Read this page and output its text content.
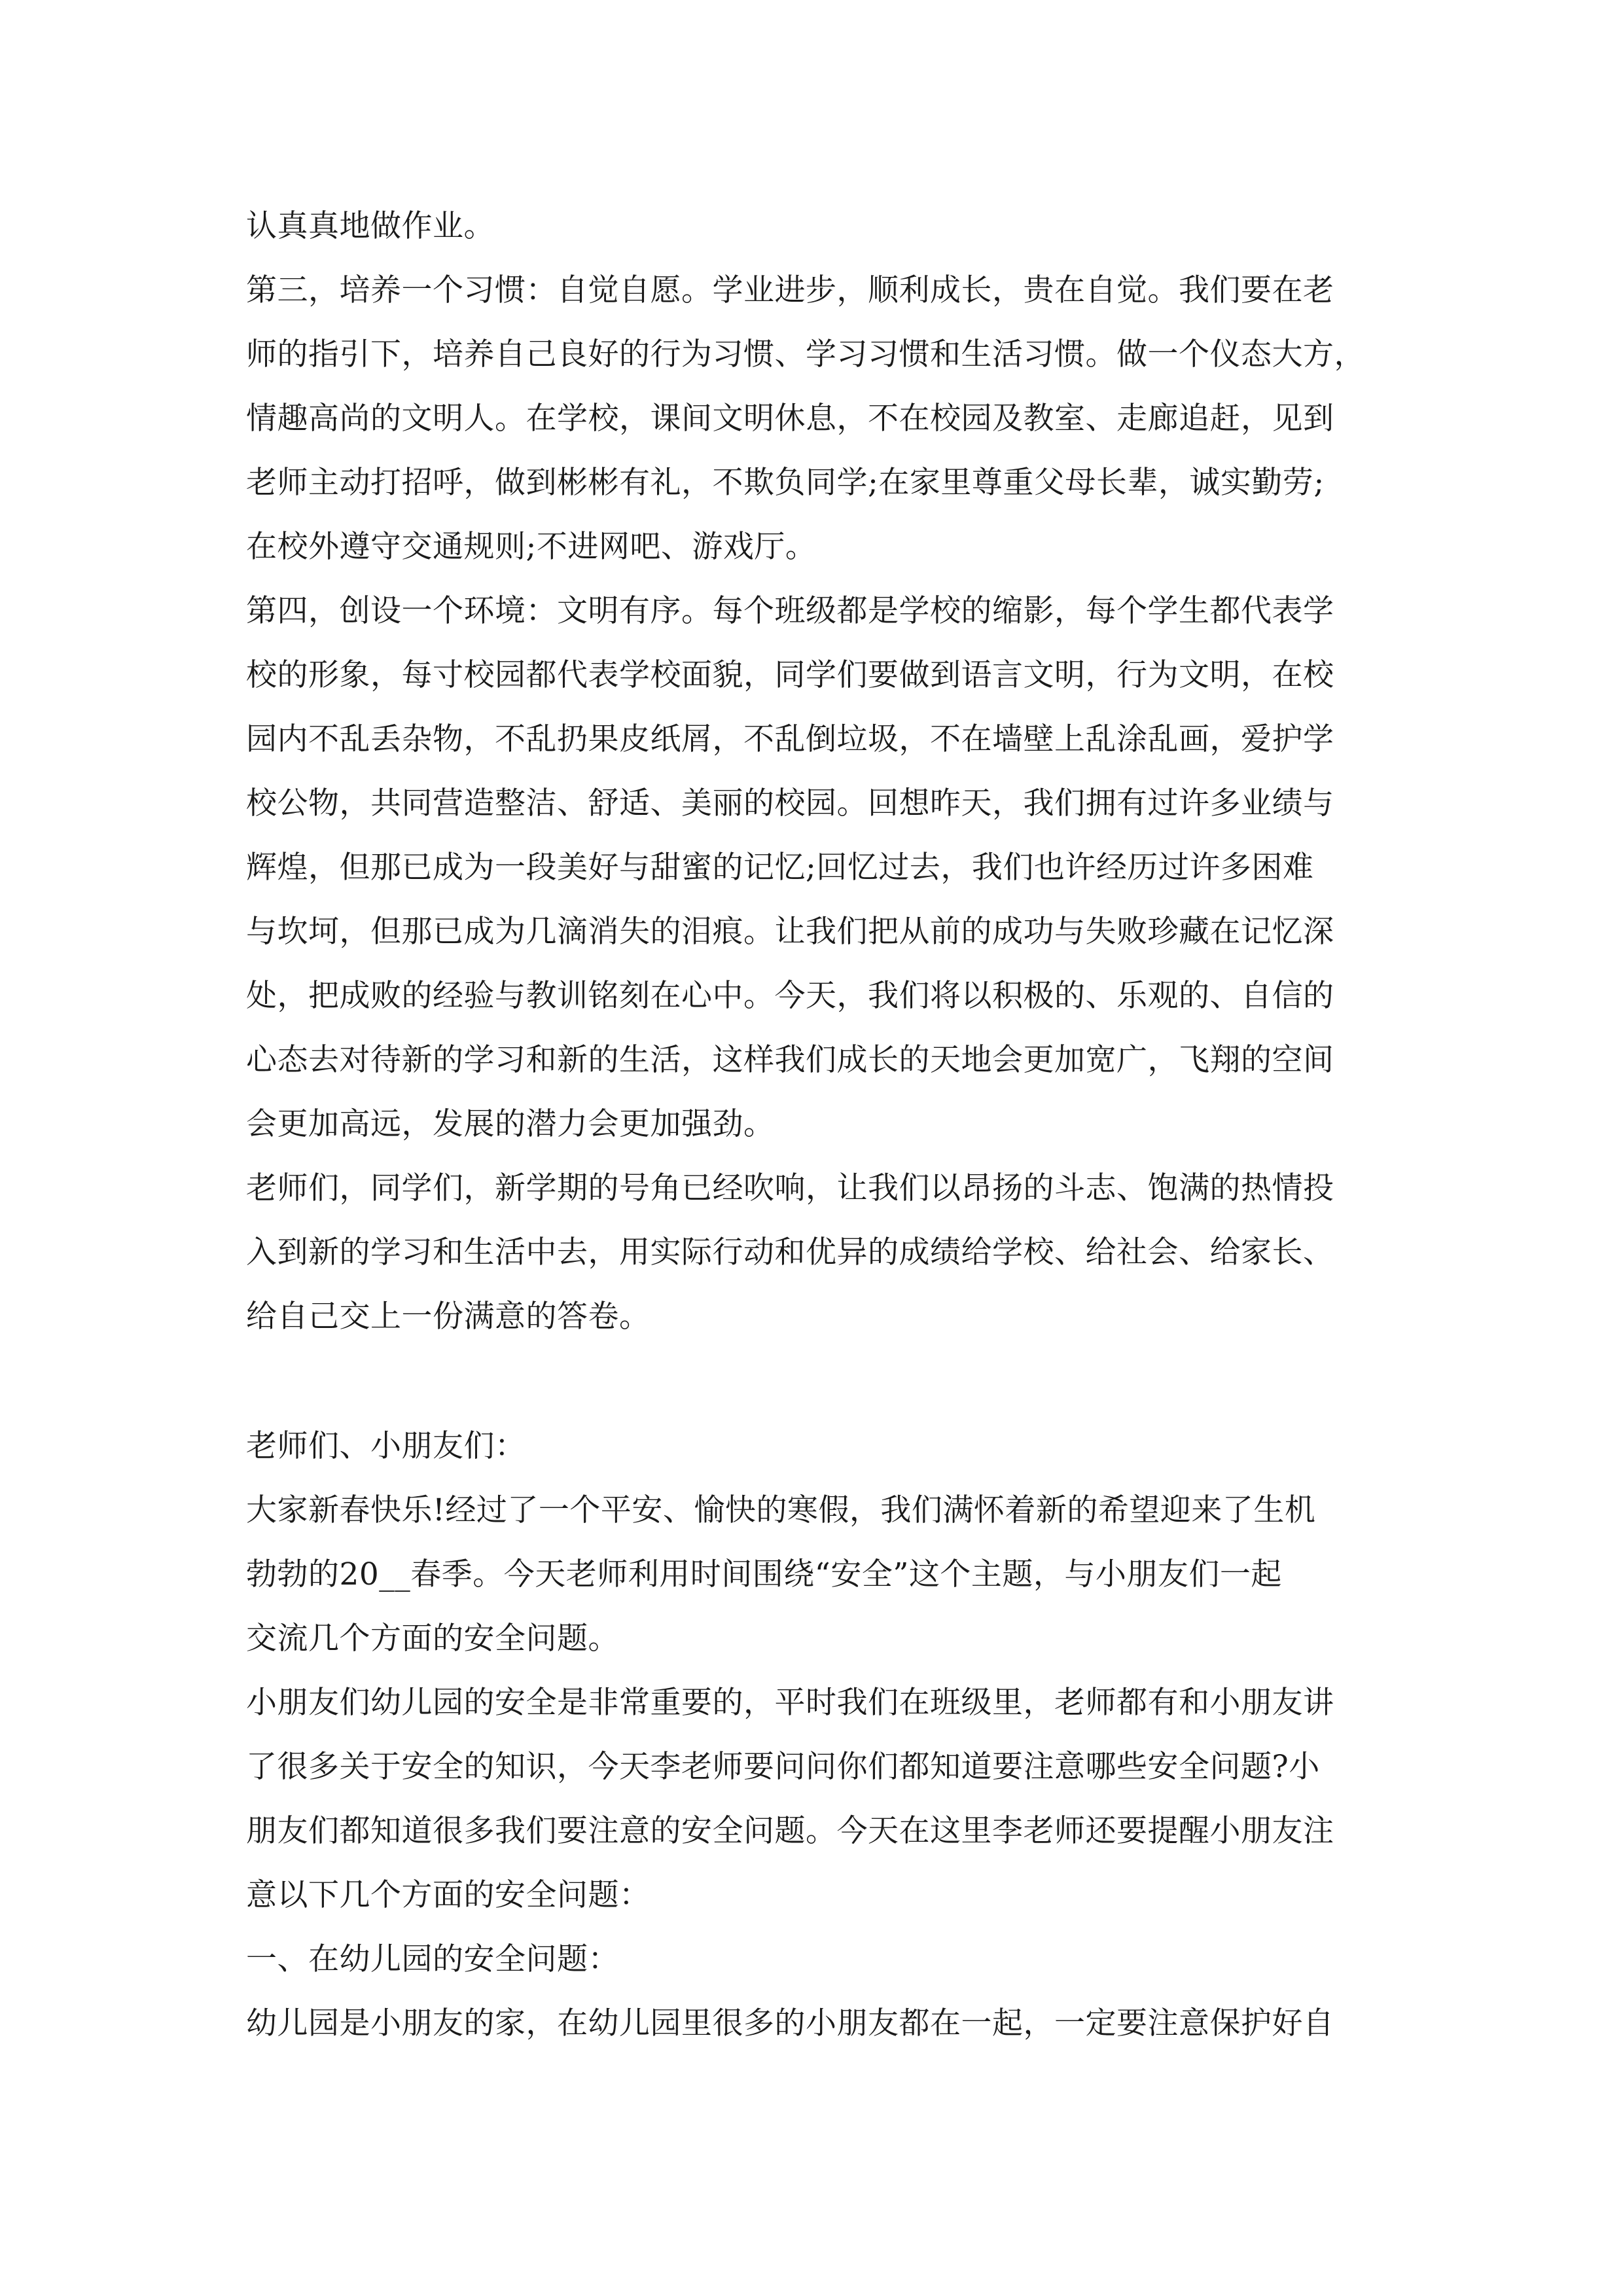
认真真地做作业。
第三，培养一个习惯：自觉自愿。学业进步，顺利成长，贵在自觉。我们要在老
师的指引下，培养自己良好的行为习惯、学习习惯和生活习惯。做一个仪态大方，
情趣高尚的文明人。在学校，课间文明休息，不在校园及教室、走廊追赶，见到
老师主动打招呼，做到彬彬有礼，不欺负同学;在家里尊重父母长辈，诚实勤劳;
在校外遵守交通规则;不进网吧、游戏厅。
第四，创设一个环境：文明有序。每个班级都是学校的缩影，每个学生都代表学
校的形象，每寸校园都代表学校面貌，同学们要做到语言文明，行为文明，在校
园内不乱丢杂物，不乱扔果皮纸屑，不乱倒垃圾，不在墙壁上乱涂乱画，爱护学
校公物，共同营造整洁、舒适、美丽的校园。回想昨天，我们拥有过许多业绩与
辉煌，但那已成为一段美好与甜蜜的记忆;回忆过去，我们也许经历过许多困难
与坎坷，但那已成为几滴消失的泪痕。让我们把从前的成功与失败珍藏在记忆深
处，把成败的经验与教训铭刻在心中。今天，我们将以积极的、乐观的、自信的
心态去对待新的学习和新的生活，这样我们成长的天地会更加宽广，飞翔的空间
会更加高远，发展的潜力会更加强劲。
老师们，同学们，新学期的号角已经吹响，让我们以昂扬的斗志、饱满的热情投
入到新的学习和生活中去，用实际行动和优异的成绩给学校、给社会、给家长、
给自己交上一份满意的答卷。
老师们、小朋友们：
大家新春快乐!经过了一个平安、愉快的寒假，我们满怀着新的希望迎来了生机
勃勃的20__春季。今天老师利用时间围绕“安全”这个主题，与小朋友们一起
交流几个方面的安全问题。
小朋友们幼儿园的安全是非常重要的，平时我们在班级里，老师都有和小朋友讲
了很多关于安全的知识，今天李老师要问问你们都知道要注意哪些安全问题?小
朋友们都知道很多我们要注意的安全问题。今天在这里李老师还要提醒小朋友注
意以下几个方面的安全问题：
一、在幼儿园的安全问题：
幼儿园是小朋友的家，在幼儿园里很多的小朋友都在一起，一定要注意保护好自
